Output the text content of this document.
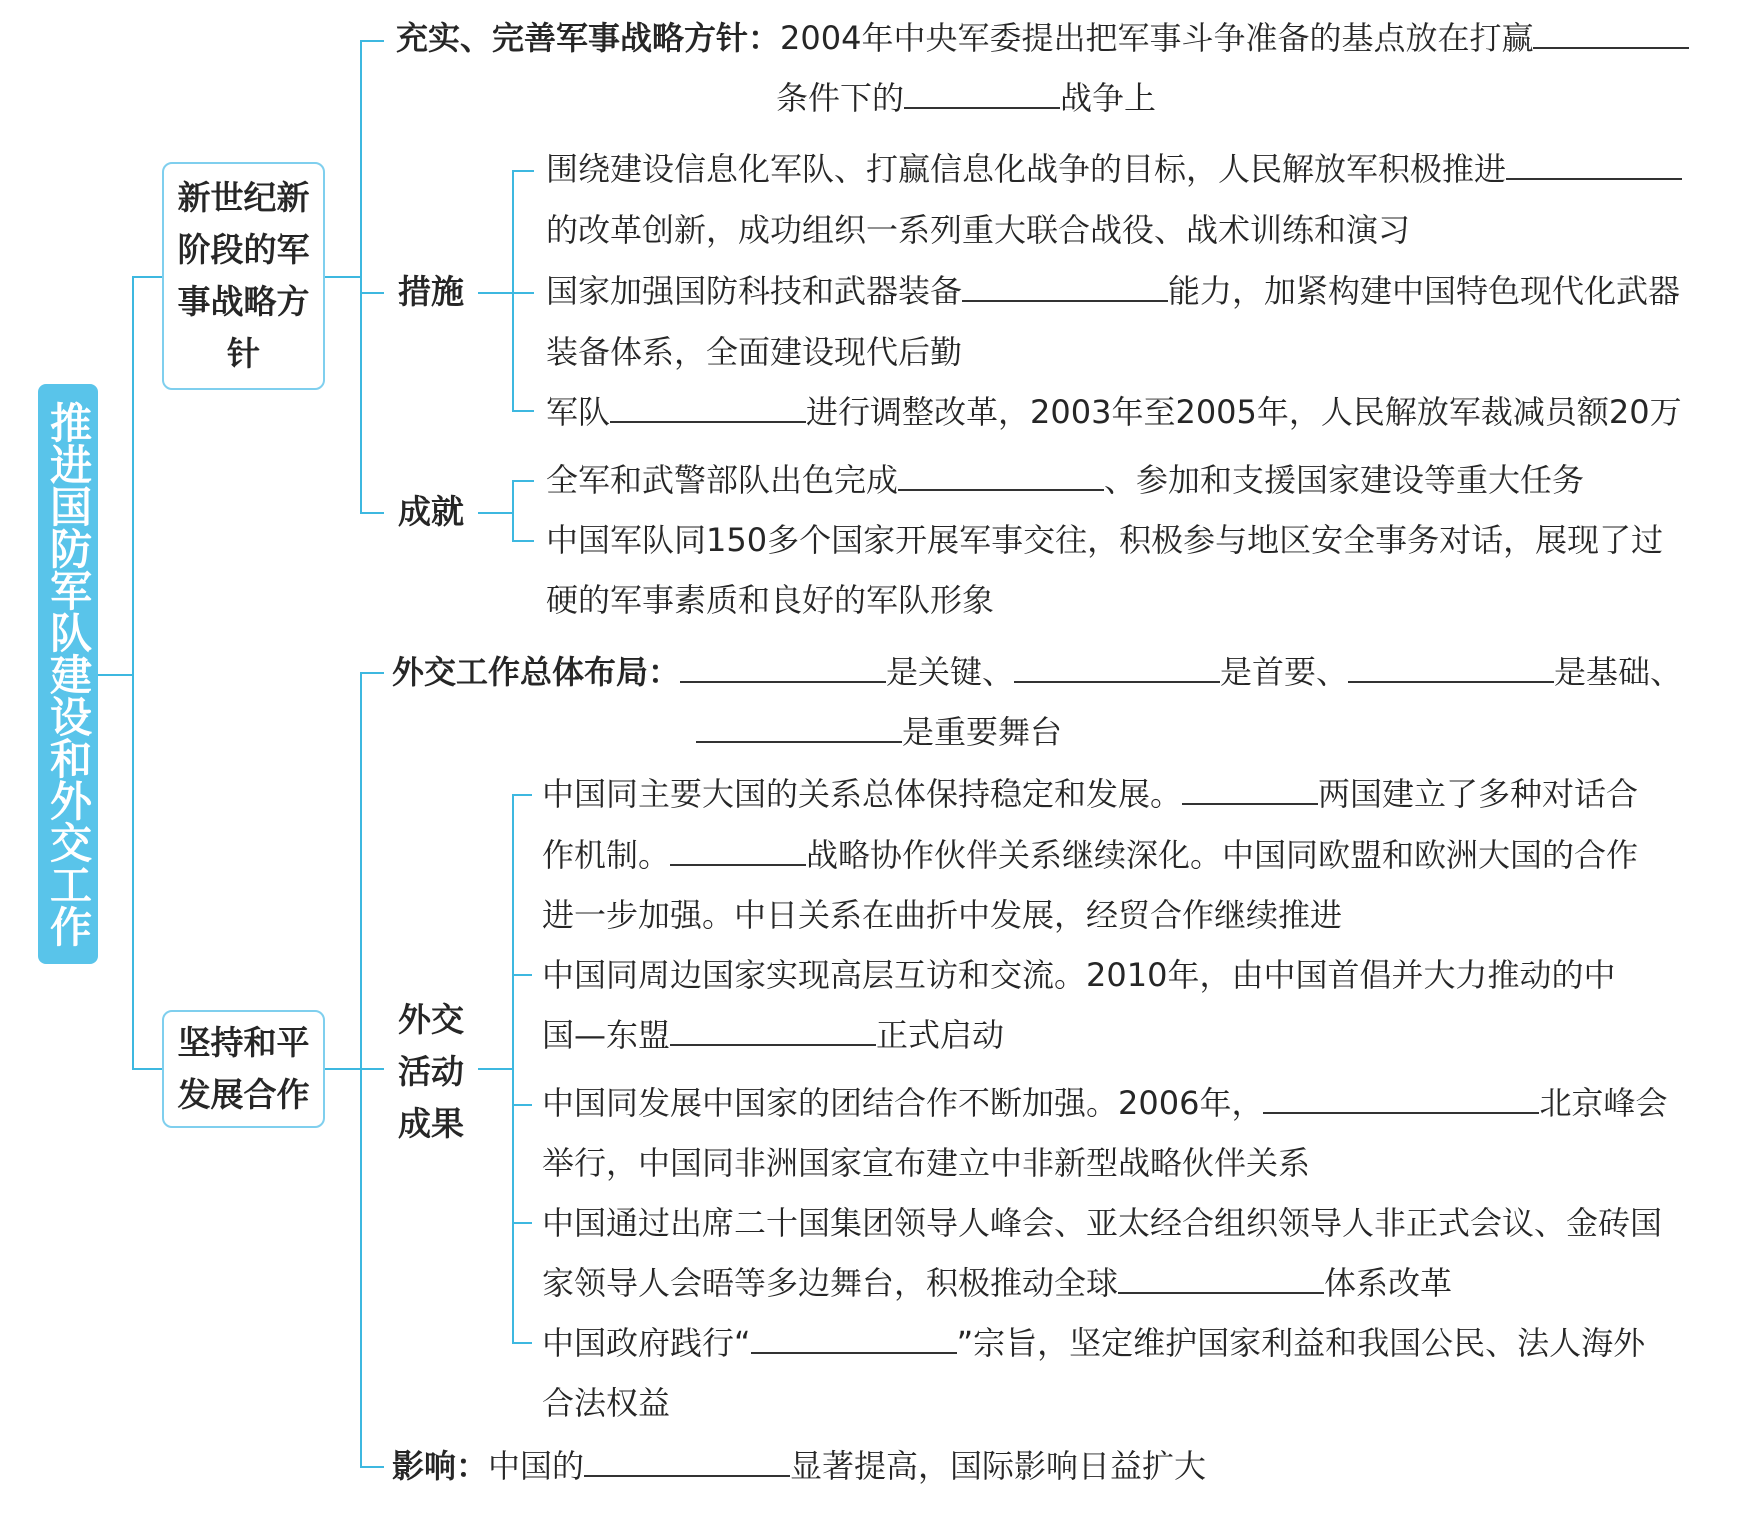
推进国防军队建设和外交工作
新世纪新阶段的军事战略方针
充实、完善军事战略方针：2004年中央军委提出把军事斗争准备的基点放在打赢
条件下的	战争上
措施
围绕建设信息化军队、打赢信息化战争的目标，人民解放军积极推进
的改革创新，成功组织一系列重大联合战役、战术训练和演习
国家加强国防科技和武器装备	能力，加紧构建中国特色现代化武器
装备体系，全面建设现代后勤
军队	进行调整改革，2003年至2005年，人民解放军裁减员额20万
成就
全军和武警部队出色完成	、参加和支援国家建设等重大任务
中国军队同150多个国家开展军事交往，积极参与地区安全事务对话，展现了过
硬的军事素质和良好的军队形象
坚持和平发展合作
外交工作总体布局：	是关键、	是首要、	是基础、
是重要舞台
外交活动成果
中国同主要大国的关系总体保持稳定和发展。	两国建立了多种对话合
作机制。	战略协作伙伴关系继续深化。中国同欧盟和欧洲大国的合作
进一步加强。中日关系在曲折中发展，经贸合作继续推进
中国同周边国家实现高层互访和交流。2010年，由中国首倡并大力推动的中
国—东盟	正式启动
中国同发展中国家的团结合作不断加强。2006年，	北京峰会
举行，中国同非洲国家宣布建立中非新型战略伙伴关系
中国通过出席二十国集团领导人峰会、亚太经合组织领导人非正式会议、金砖国
家领导人会晤等多边舞台，积极推动全球	体系改革
中国政府践行“	”宗旨，坚定维护国家利益和我国公民、法人海外
合法权益
影响：中国的	显著提高，国际影响日益扩大
